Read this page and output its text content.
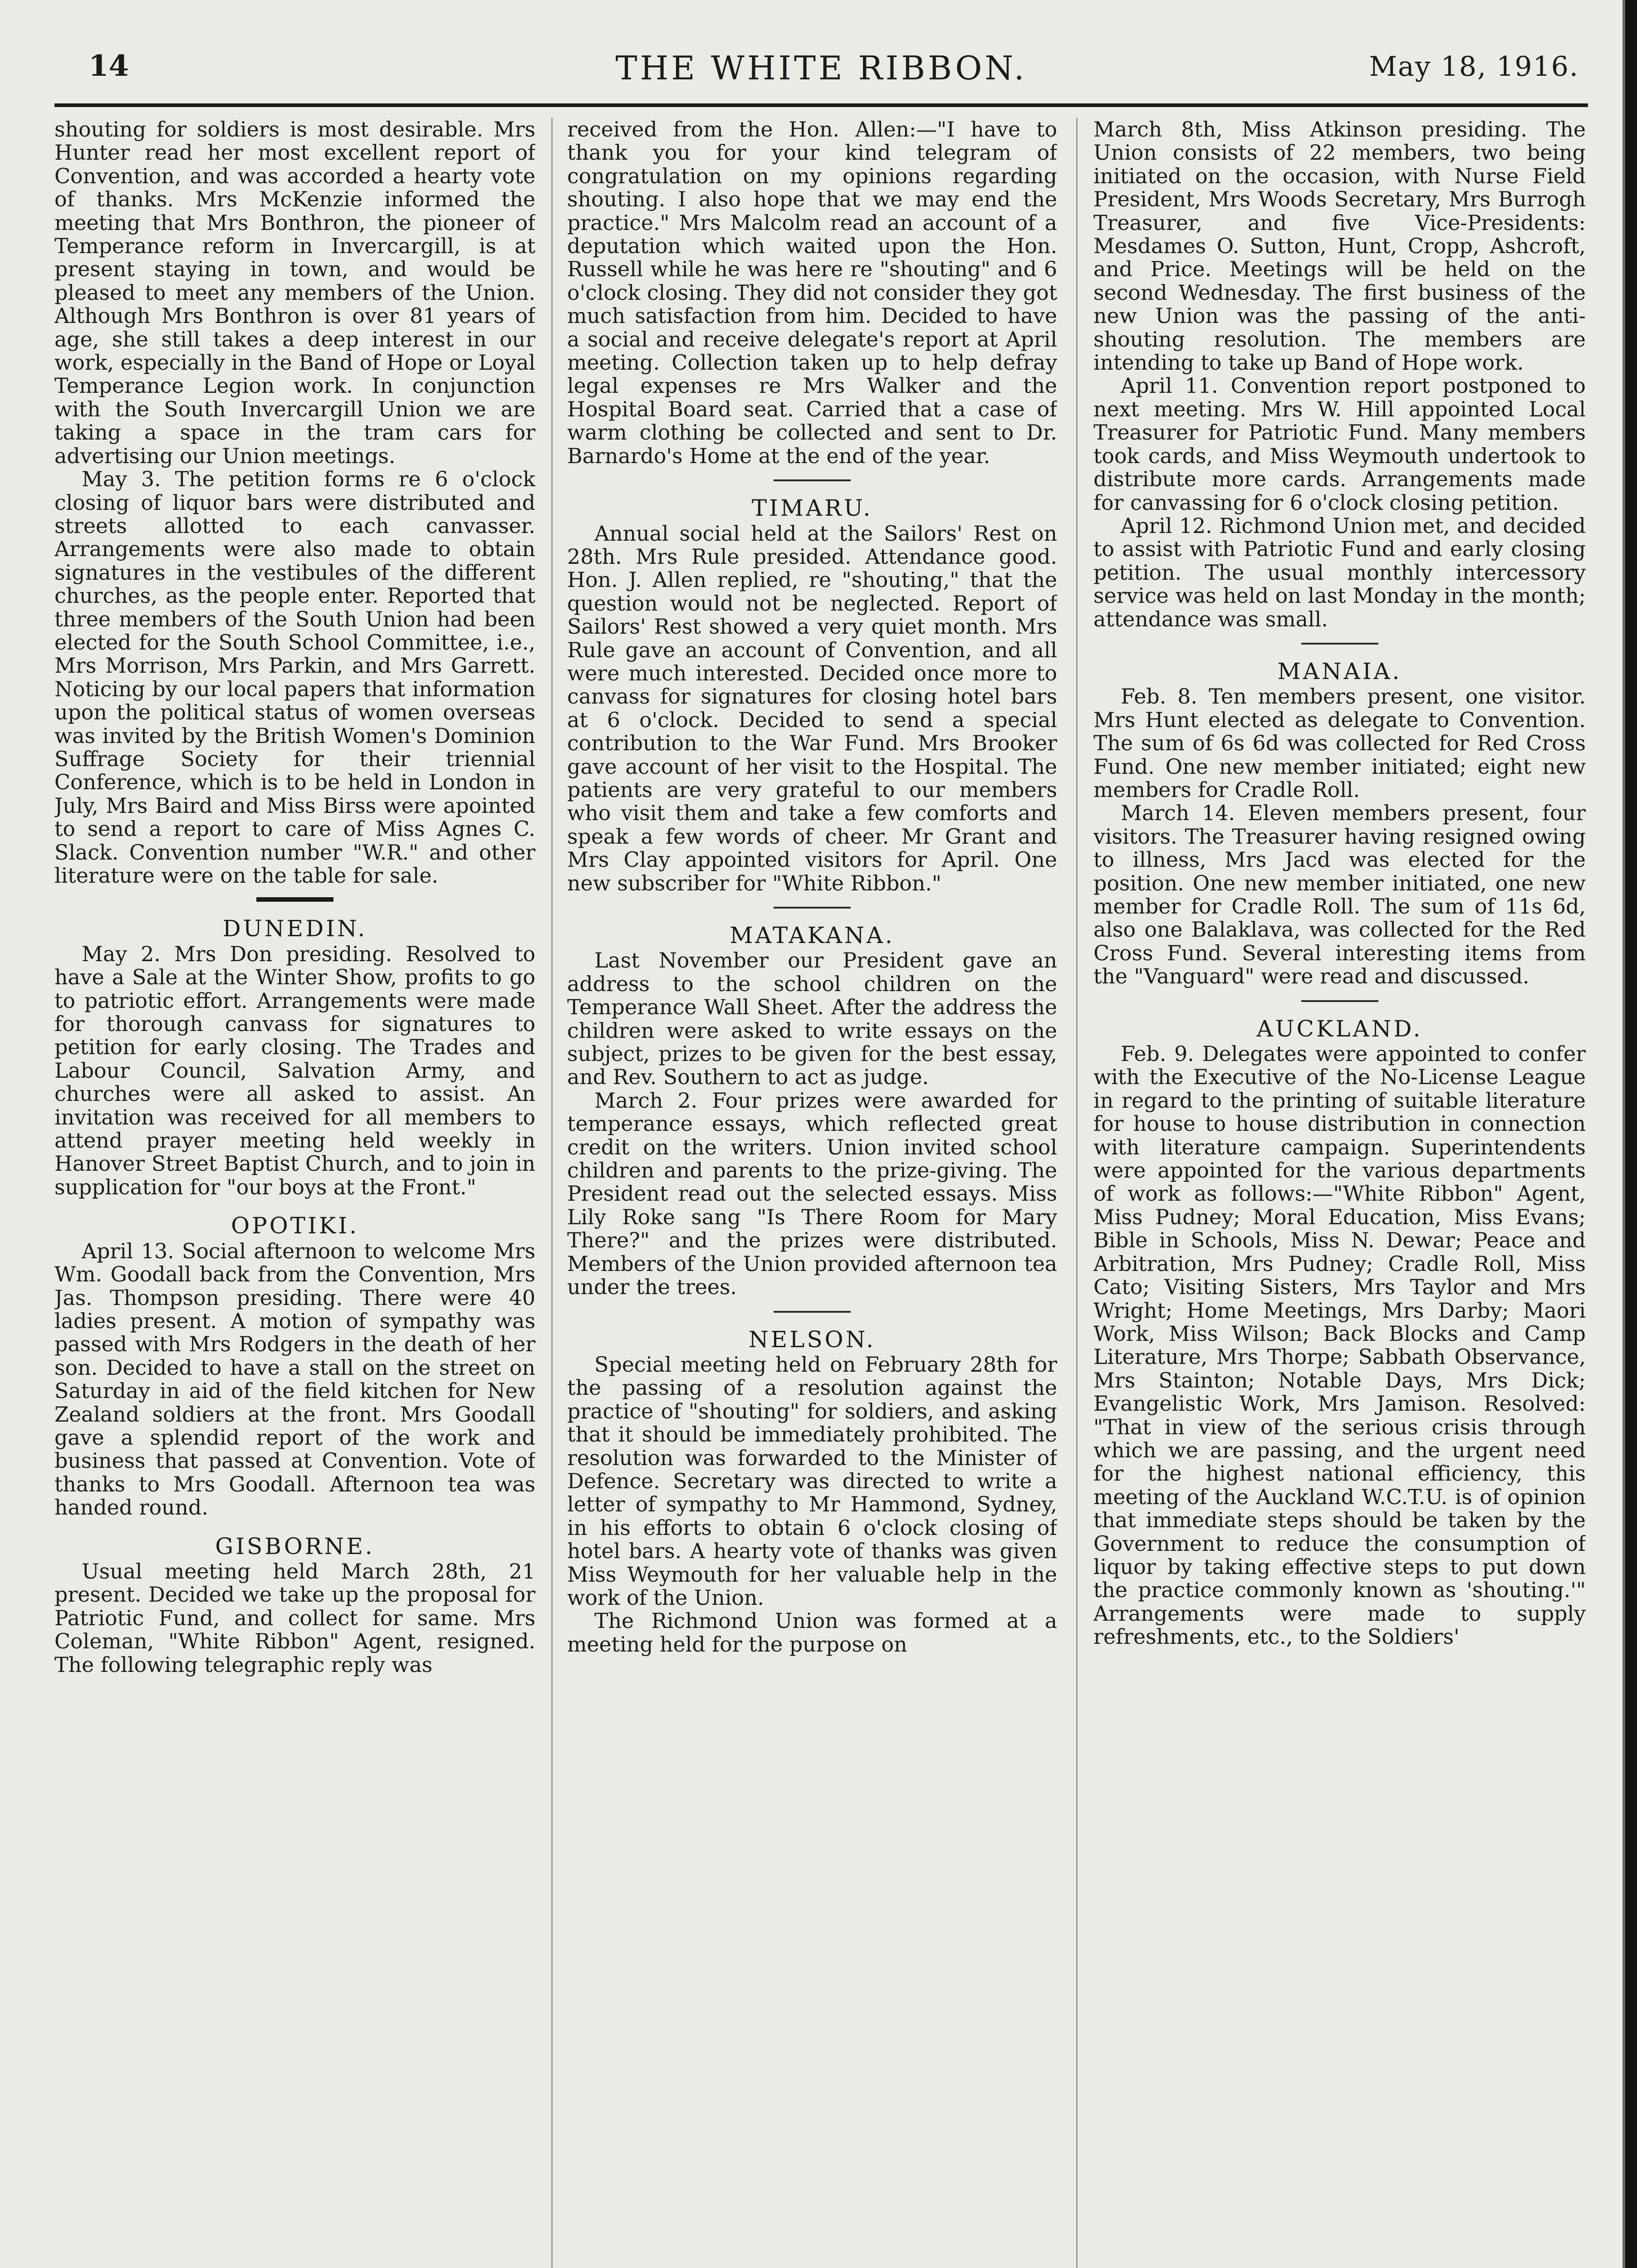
14	THE WHITE RIBBON.	May 18, 1916.

shouting for soldiers is most desirable. Mrs Hunter read her most excellent report of Convention, and was accorded a hearty vote of thanks. Mrs McKenzie informed the meeting that Mrs Bonthron, the pioneer of Temperance reform in Invercargill, is at present staying in town, and would be pleased to meet any members of the Union. Although Mrs Bonthron is over 81 years of age, she still takes a deep interest in our work, especially in the Band of Hope or Loyal Temperance Legion work. In conjunction with the South Invercargill Union we are taking a space in the tram cars for advertising our Union meetings.

May 3. The petition forms re 6 o'clock closing of liquor bars were distributed and streets allotted to each canvasser. Arrangements were also made to obtain signatures in the vestibules of the different churches, as the people enter. Reported that three members of the South Union had been elected for the South School Committee, i.e., Mrs Morrison, Mrs Parkin, and Mrs Garrett. Noticing by our local papers that information upon the political status of women overseas was invited by the British Women's Dominion Suffrage Society for their triennial Conference, which is to be held in London in July, Mrs Baird and Miss Birss were apointed to send a report to care of Miss Agnes C. Slack. Convention number "W.R." and other literature were on the table for sale.

DUNEDIN.

May 2. Mrs Don presiding. Resolved to have a Sale at the Winter Show, profits to go to patriotic effort. Arrangements were made for thorough canvass for signatures to petition for early closing. The Trades and Labour Council, Salvation Army, and churches were all asked to assist. An invitation was received for all members to attend prayer meeting held weekly in Hanover Street Baptist Church, and to join in supplication for "our boys at the Front."

OPOTIKI.

April 13. Social afternoon to welcome Mrs Wm. Goodall back from the Convention, Mrs Jas. Thompson presiding. There were 40 ladies present. A motion of sympathy was passed with Mrs Rodgers in the death of her son. Decided to have a stall on the street on Saturday in aid of the field kitchen for New Zealand soldiers at the front. Mrs Goodall gave a splendid report of the work and business that passed at Convention. Vote of thanks to Mrs Goodall. Afternoon tea was handed round.

GISBORNE.

Usual meeting held March 28th, 21 present. Decided we take up the proposal for Patriotic Fund, and collect for same. Mrs Coleman, "White Ribbon" Agent, resigned. The following telegraphic reply was

received from the Hon. Allen:—"I have to thank you for your kind telegram of congratulation on my opinions regarding shouting. I also hope that we may end the practice." Mrs Malcolm read an account of a deputation which waited upon the Hon. Russell while he was here re "shouting" and 6 o'clock closing. They did not consider they got much satisfaction from him. Decided to have a social and receive delegate's report at April meeting. Collection taken up to help defray legal expenses re Mrs Walker and the Hospital Board seat. Carried that a case of warm clothing be collected and sent to Dr. Barnardo's Home at the end of the year.

TIMARU.

Annual social held at the Sailors' Rest on 28th. Mrs Rule presided. Attendance good. Hon. J. Allen replied, re "shouting," that the question would not be neglected. Report of Sailors' Rest showed a very quiet month. Mrs Rule gave an account of Convention, and all were much interested. Decided once more to canvass for signatures for closing hotel bars at 6 o'clock. Decided to send a special contribution to the War Fund. Mrs Brooker gave account of her visit to the Hospital. The patients are very grateful to our members who visit them and take a few comforts and speak a few words of cheer. Mr Grant and Mrs Clay appointed visitors for April. One new subscriber for "White Ribbon."

MATAKANA.

Last November our President gave an address to the school children on the Temperance Wall Sheet. After the address the children were asked to write essays on the subject, prizes to be given for the best essay, and Rev. Southern to act as judge.

March 2. Four prizes were awarded for temperance essays, which reflected great credit on the writers. Union invited school children and parents to the prize-giving. The President read out the selected essays. Miss Lily Roke sang "Is There Room for Mary There?" and the prizes were distributed. Members of the Union provided afternoon tea under the trees.

NELSON.

Special meeting held on February 28th for the passing of a resolution against the practice of "shouting" for soldiers, and asking that it should be immediately prohibited. The resolution was forwarded to the Minister of Defence. Secretary was directed to write a letter of sympathy to Mr Hammond, Sydney, in his efforts to obtain 6 o'clock closing of hotel bars. A hearty vote of thanks was given Miss Weymouth for her valuable help in the work of the Union.

The Richmond Union was formed at a meeting held for the purpose on

March 8th, Miss Atkinson presiding. The Union consists of 22 members, two being initiated on the occasion, with Nurse Field President, Mrs Woods Secretary, Mrs Burrogh Treasurer, and five Vice-Presidents: Mesdames O. Sutton, Hunt, Cropp, Ashcroft, and Price. Meetings will be held on the second Wednesday. The first business of the new Union was the passing of the anti-shouting resolution. The members are intending to take up Band of Hope work.

April 11. Convention report postponed to next meeting. Mrs W. Hill appointed Local Treasurer for Patriotic Fund. Many members took cards, and Miss Weymouth undertook to distribute more cards. Arrangements made for canvassing for 6 o'clock closing petition.

April 12. Richmond Union met, and decided to assist with Patriotic Fund and early closing petition. The usual monthly intercessory service was held on last Monday in the month; attendance was small.

MANAIA.

Feb. 8. Ten members present, one visitor. Mrs Hunt elected as delegate to Convention. The sum of 6s 6d was collected for Red Cross Fund. One new member initiated; eight new members for Cradle Roll.

March 14. Eleven members present, four visitors. The Treasurer having resigned owing to illness, Mrs Jacd was elected for the position. One new member initiated, one new member for Cradle Roll. The sum of 11s 6d, also one Balaklava, was collected for the Red Cross Fund. Several interesting items from the "Vanguard" were read and discussed.

AUCKLAND.

Feb. 9. Delegates were appointed to confer with the Executive of the No-License League in regard to the printing of suitable literature for house to house distribution in connection with literature campaign. Superintendents were appointed for the various departments of work as follows:—"White Ribbon" Agent, Miss Pudney; Moral Education, Miss Evans; Bible in Schools, Miss N. Dewar; Peace and Arbitration, Mrs Pudney; Cradle Roll, Miss Cato; Visiting Sisters, Mrs Taylor and Mrs Wright; Home Meetings, Mrs Darby; Maori Work, Miss Wilson; Back Blocks and Camp Literature, Mrs Thorpe; Sabbath Observance, Mrs Stainton; Notable Days, Mrs Dick; Evangelistic Work, Mrs Jamison. Resolved: "That in view of the serious crisis through which we are passing, and the urgent need for the highest national efficiency, this meeting of the Auckland W.C.T.U. is of opinion that immediate steps should be taken by the Government to reduce the consumption of liquor by taking effective steps to put down the practice commonly known as 'shouting.'" Arrangements were made to supply refreshments, etc., to the Soldiers'
